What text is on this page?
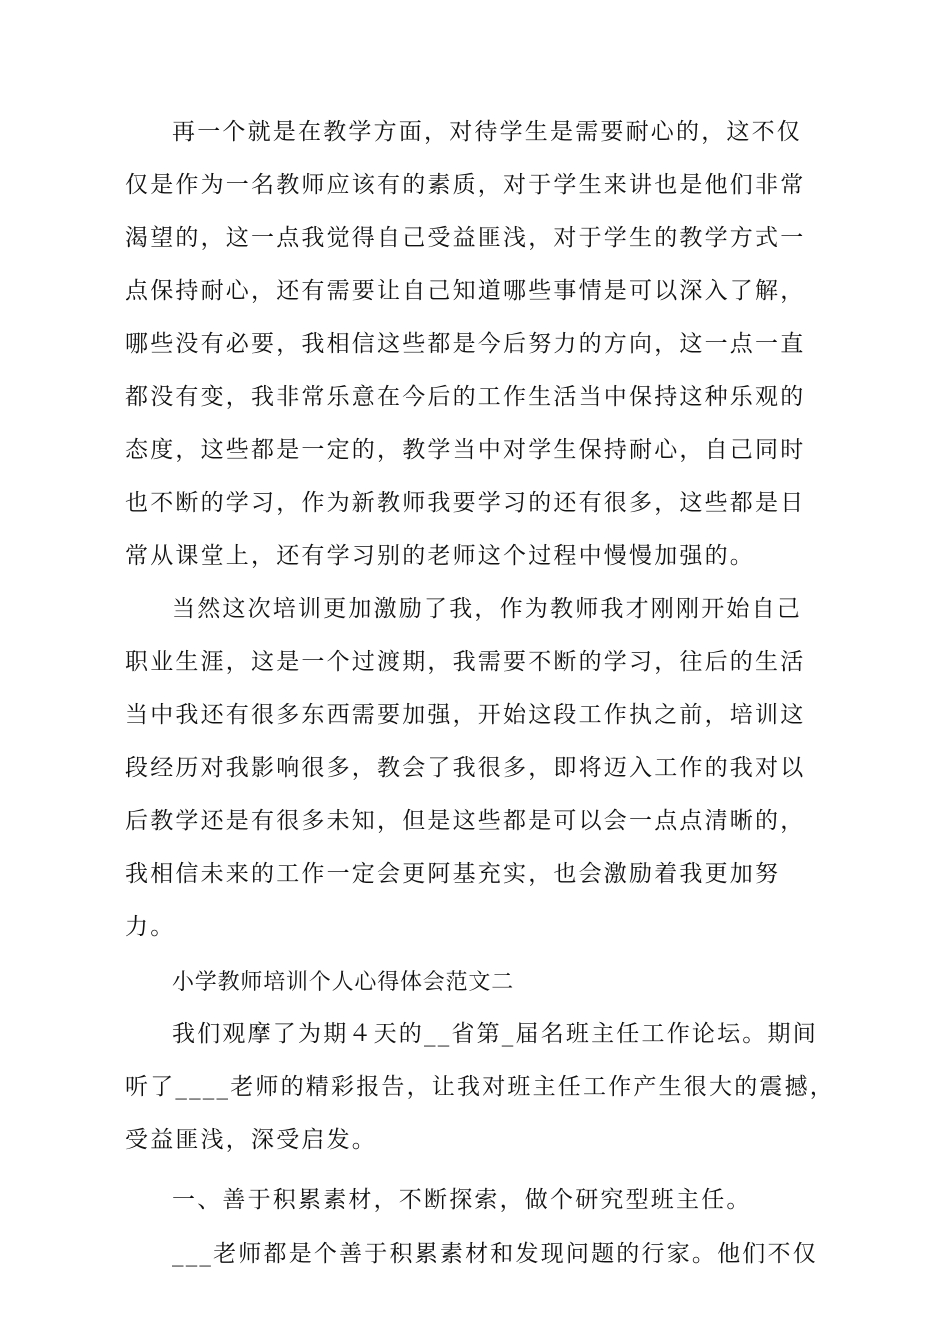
再一个就是在教学方面，对待学生是需要耐心的，这不仅

仅是作为一名教师应该有的素质，对于学生来讲也是他们非常

渴望的，这一点我觉得自己受益匪浅，对于学生的教学方式一

点保持耐心，还有需要让自己知道哪些事情是可以深入了解，

哪些没有必要，我相信这些都是今后努力的方向，这一点一直

都没有变，我非常乐意在今后的工作生活当中保持这种乐观的

态度，这些都是一定的，教学当中对学生保持耐心，自己同时

也不断的学习，作为新教师我要学习的还有很多，这些都是日

常从课堂上，还有学习别的老师这个过程中慢慢加强的。

当然这次培训更加激励了我，作为教师我才刚刚开始自己

职业生涯，这是一个过渡期，我需要不断的学习，往后的生活

当中我还有很多东西需要加强，开始这段工作执之前，培训这

段经历对我影响很多，教会了我很多，即将迈入工作的我对以

后教学还是有很多未知，但是这些都是可以会一点点清晰的，

我相信未来的工作一定会更阿基充实，也会激励着我更加努

力。

小学教师培训个人心得体会范文二

我们观摩了为期４天的__省第_届名班主任工作论坛。期间

听了____老师的精彩报告，让我对班主任工作产生很大的震撼，

受益匪浅，深受启发。

一、善于积累素材，不断探索，做个研究型班主任。

___老师都是个善于积累素材和发现问题的行家。他们不仅
